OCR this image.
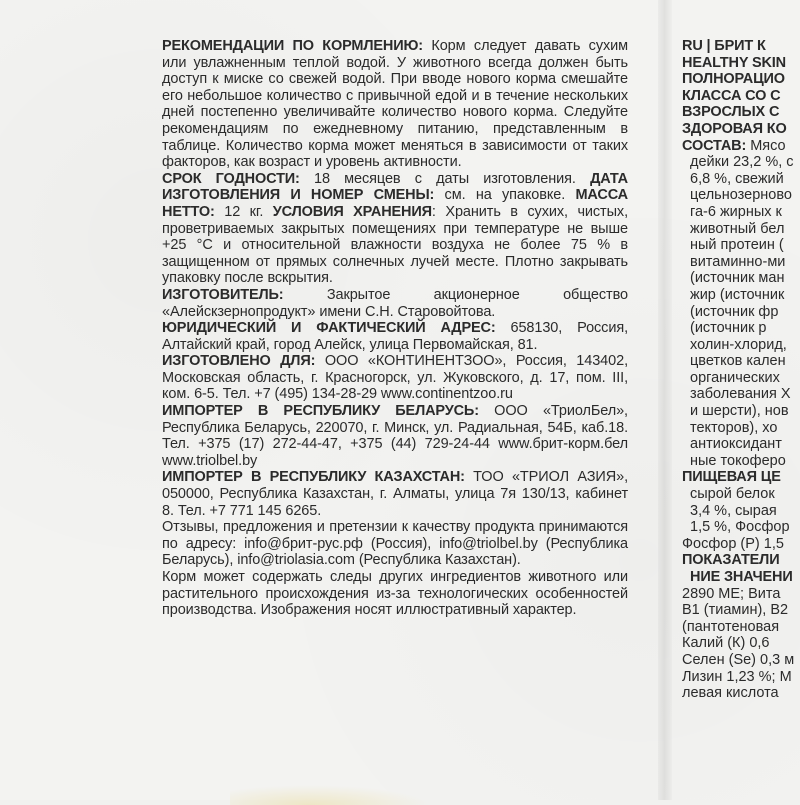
РЕКОМЕНДАЦИИ ПО КОРМЛЕНИЮ: Корм следует давать сухим или увлажненным теплой водой. У животного всегда должен быть доступ к миске со свежей водой. При вводе нового корма смешайте его небольшое количество с привычной едой и в течение нескольких дней постепенно увеличивайте количество нового корма. Следуйте рекомендациям по ежедневному питанию, представленным в таблице. Количество корма может меняться в зависимости от таких факторов, как возраст и уровень активности.

СРОК ГОДНОСТИ: 18 месяцев с даты изготовления. ДАТА ИЗГОТОВЛЕНИЯ И НОМЕР СМЕНЫ: см. на упаковке. МАССА НЕТТО: 12 кг. УСЛОВИЯ ХРАНЕНИЯ: Хранить в сухих, чистых, проветриваемых закрытых помещениях при температуре не выше +25 °С и относительной влажности воздуха не более 75 % в защищенном от прямых солнечных лучей месте. Плотно закрывать упаковку после вскрытия.

ИЗГОТОВИТЕЛЬ: Закрытое акционерное общество «Алейскзернопродукт» имени С.Н. Старовойтова.

ЮРИДИЧЕСКИЙ И ФАКТИЧЕСКИЙ АДРЕС: 658130, Россия, Алтайский край, город Алейск, улица Первомайская, 81.

ИЗГОТОВЛЕНО ДЛЯ: ООО «КОНТИНЕНТЗОО», Россия, 143402, Московская область, г. Красногорск, ул. Жуковского, д. 17, пом. III, ком. 6-5. Тел. +7 (495) 134-28-29 www.continentzoo.ru

ИМПОРТЕР В РЕСПУБЛИКУ БЕЛАРУСЬ: ООО «ТриолБел», Республика Беларусь, 220070, г. Минск, ул. Радиальная, 54Б, каб.18. Тел. +375 (17) 272-44-47, +375 (44) 729-24-44 www.брит-корм.бел www.triolbel.by

ИМПОРТЕР В РЕСПУБЛИКУ КАЗАХСТАН: ТОО «ТРИОЛ АЗИЯ», 050000, Республика Казахстан, г. Алматы, улица 7я 130/13, кабинет 8. Тел. +7 771 145 6265.

Отзывы, предложения и претензии к качеству продукта принимаются по адресу: info@брит-рус.рф (Россия), info@triolbel.by (Республика Беларусь), info@triolasia.com (Республика Казахстан).

Корм может содержать следы других ингредиентов животного или растительного происхождения из-за технологических особенностей производства. Изображения носят иллюстративный характер.

RU | БРИТ К
HEALTHY SKIN
ПОЛНОРАЦИО
КЛАССА СО С
ВЗРОСЛЫХ С
ЗДОРОВАЯ КО
СОСТАВ: Мясо
дейки 23,2 %, с
6,8 %, свежий
цельнозерново
га-6 жирных к
животный бел
ный протеин (
витаминно-ми
(источник ман
жир (источник
(источник фр
(источник р
холин-хлорид,
цветков кален
органических
заболевания Х
и шерсти), нов
текторов), хо
антиоксидант
ные токоферо
ПИЩЕВАЯ ЦЕ
сырой белок
3,4 %, сырая
1,5 %, Фосфор
Фосфор (Р) 1,5
ПОКАЗАТЕЛИ
НИЕ ЗНАЧЕНИ
2890 МЕ; Вита
В1 (тиамин), В2
(пантотеновая
Калий (К) 0,6
Селен (Se) 0,3 м
Лизин 1,23 %; М
левая кислота
